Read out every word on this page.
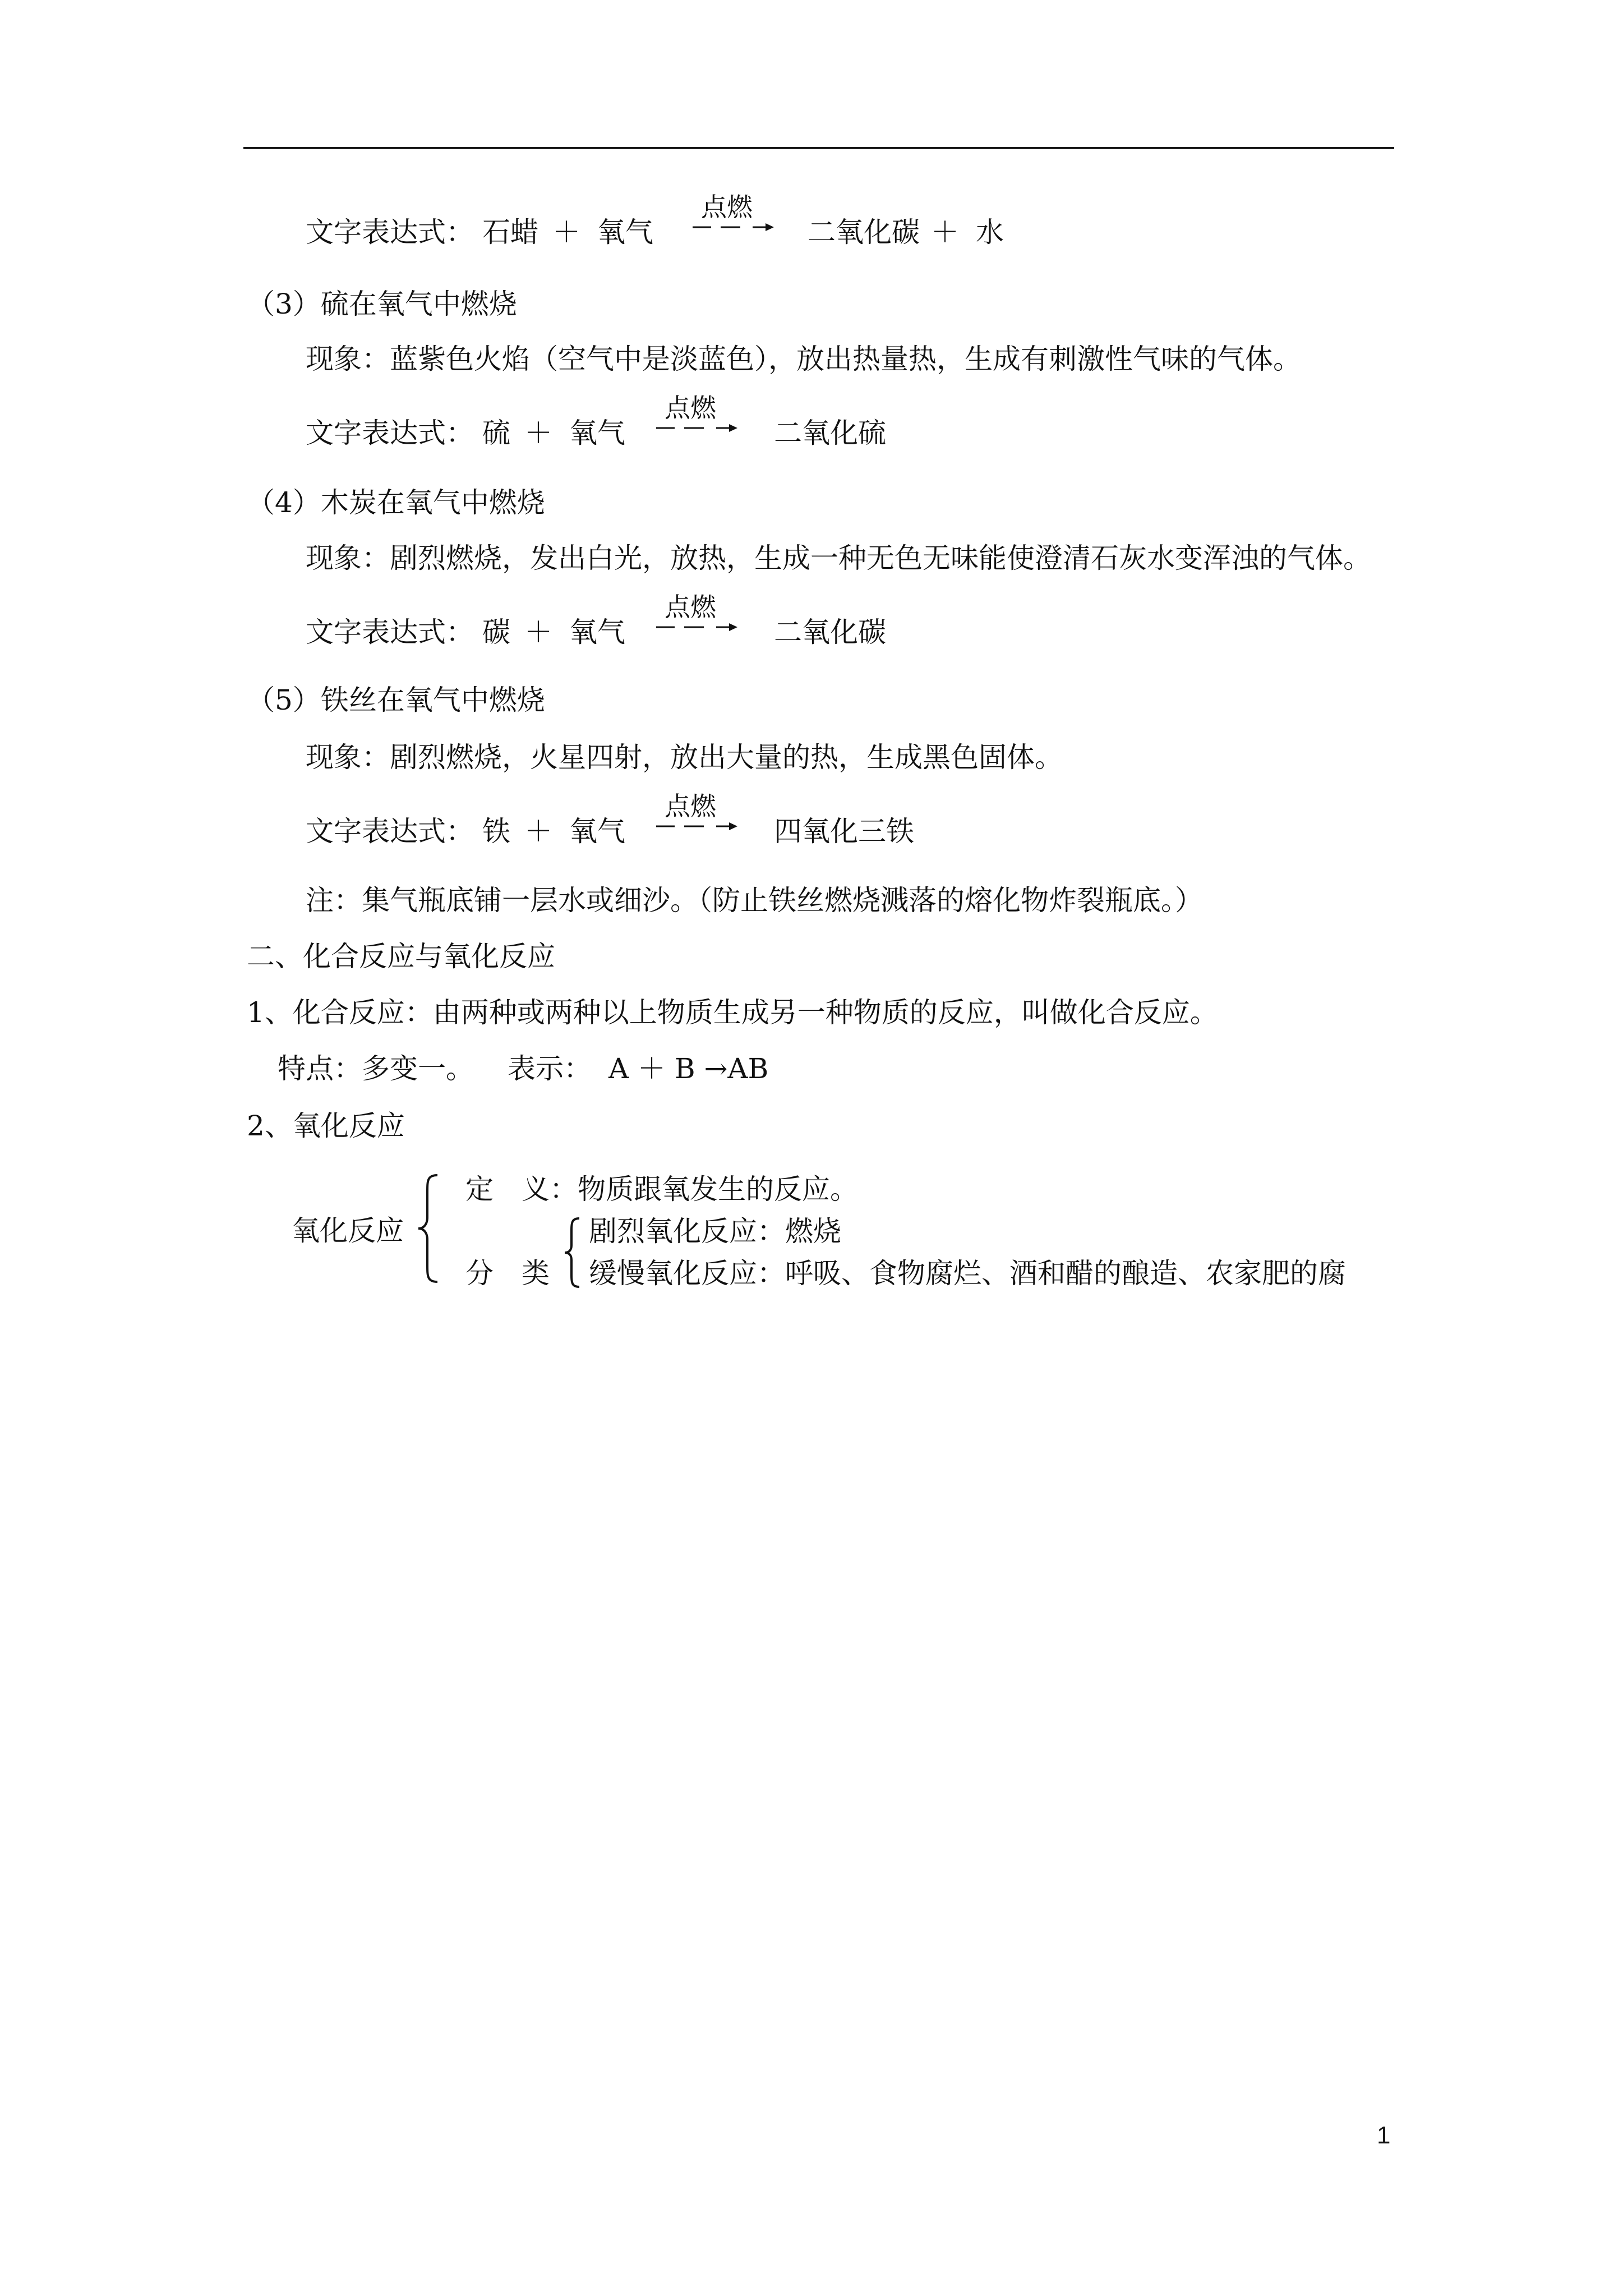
文字表达式： 石蜡 ＋ 氧气
点燃
二氧化碳 ＋ 水
（3）硫在氧气中燃烧
现象：蓝紫色火焰（空气中是淡蓝色），放出热量热，生成有刺激性气味的气体。
文字表达式： 硫 ＋ 氧气
点燃
二氧化硫
（4）木炭在氧气中燃烧
现象：剧烈燃烧，发出白光，放热，生成一种无色无味能使澄清石灰水变浑浊的气体。
文字表达式： 碳 ＋ 氧气
点燃
二氧化碳
（5）铁丝在氧气中燃烧
现象：剧烈燃烧，火星四射，放出大量的热，生成黑色固体。
文字表达式： 铁 ＋ 氧气
点燃
四氧化三铁
注：集气瓶底铺一层水或细沙。（防止铁丝燃烧溅落的熔化物炸裂瓶底。）
二、化合反应与氧化反应
1、化合反应：由两种或两种以上物质生成另一种物质的反应，叫做化合反应。
特点：多变一。 表示： A ＋ B →AB
2、氧化反应
氧化反应
定　义： 物质跟氧发生的反应。
分　类
剧烈氧化反应：燃烧
缓慢氧化反应：呼吸、食物腐烂、酒和醋的酿造、农家肥的腐
1
